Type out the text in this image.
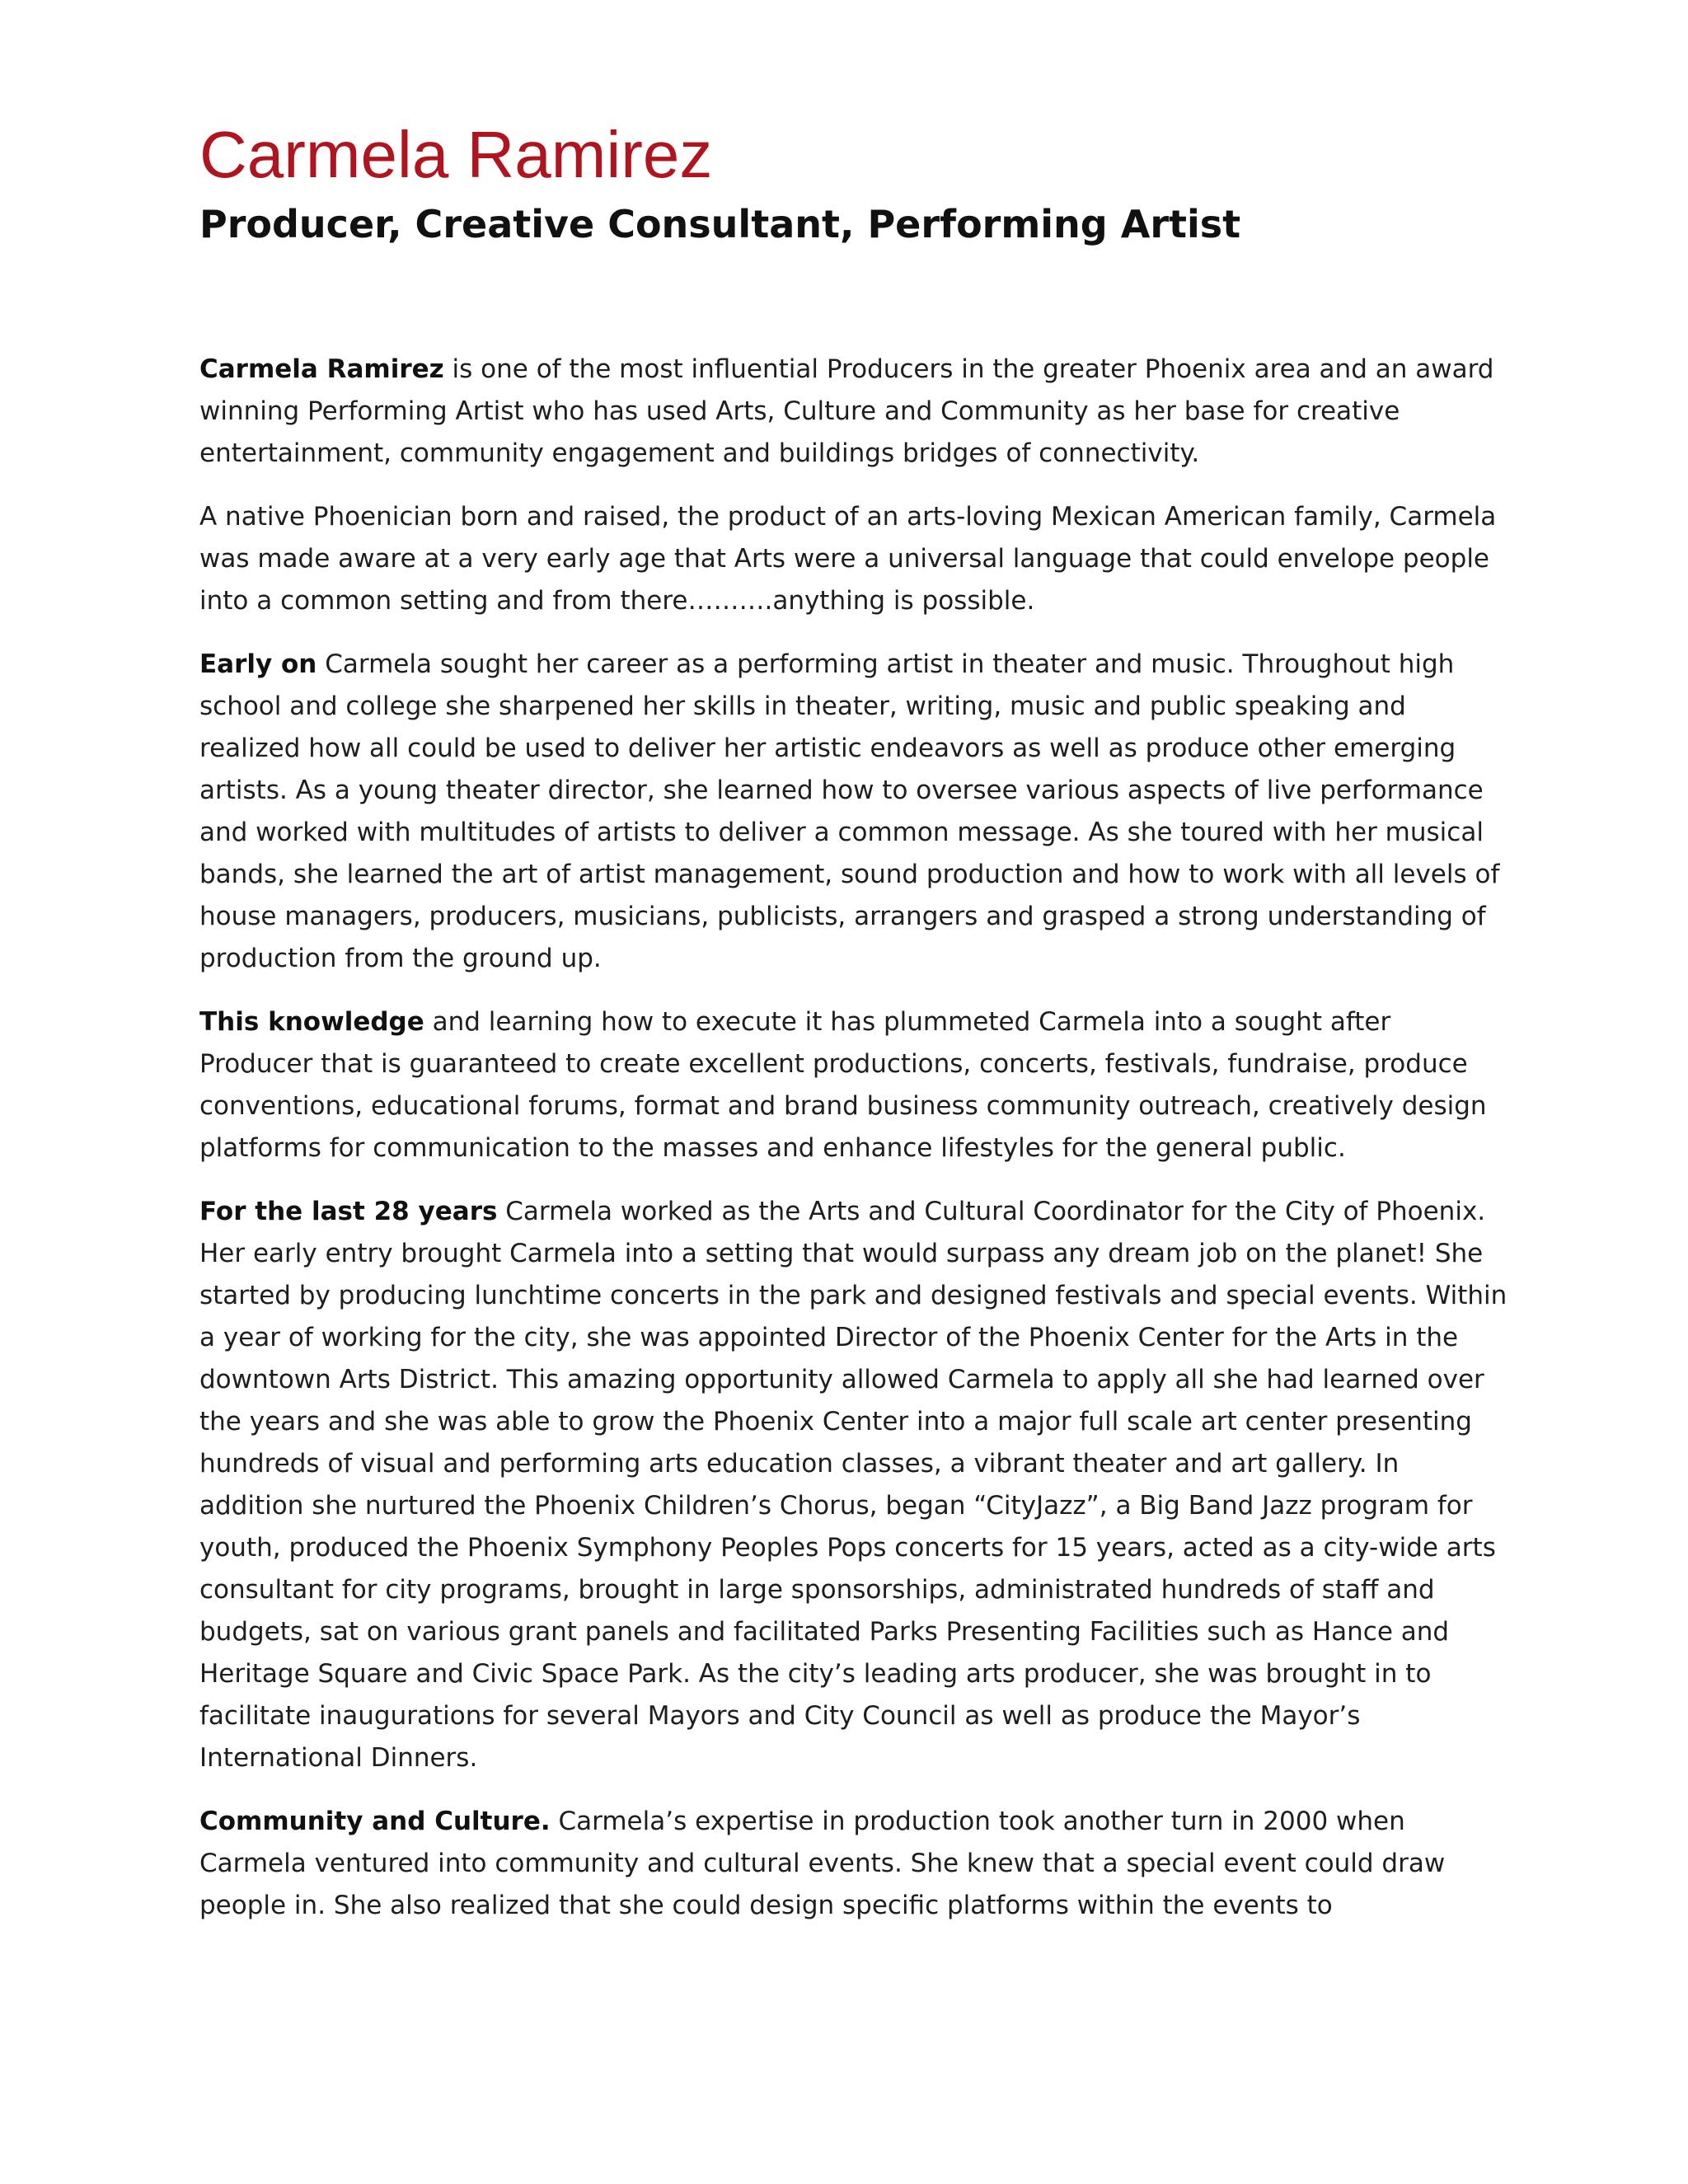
Carmela Ramirez
Producer, Creative Consultant, Performing Artist

Carmela Ramirez is one of the most influential Producers in the greater Phoenix area and an award winning Performing Artist who has used Arts, Culture and Community as her base for creative entertainment, community engagement and buildings bridges of connectivity.

A native Phoenician born and raised, the product of an arts-loving Mexican American family, Carmela was made aware at a very early age that Arts were a universal language that could envelope people into a common setting and from there……….anything is possible.

Early on Carmela sought her career as a performing artist in theater and music. Throughout high school and college she sharpened her skills in theater, writing, music and public speaking and realized how all could be used to deliver her artistic endeavors as well as produce other emerging artists. As a young theater director, she learned how to oversee various aspects of live performance and worked with multitudes of artists to deliver a common message. As she toured with her musical bands, she learned the art of artist management, sound production and how to work with all levels of house managers, producers, musicians, publicists, arrangers and grasped a strong understanding of production from the ground up.

This knowledge and learning how to execute it has plummeted Carmela into a sought after Producer that is guaranteed to create excellent productions, concerts, festivals, fundraise, produce conventions, educational forums, format and brand business community outreach, creatively design platforms for communication to the masses and enhance lifestyles for the general public.

For the last 28 years Carmela worked as the Arts and Cultural Coordinator for the City of Phoenix. Her early entry brought Carmela into a setting that would surpass any dream job on the planet! She started by producing lunchtime concerts in the park and designed festivals and special events. Within a year of working for the city, she was appointed Director of the Phoenix Center for the Arts in the downtown Arts District. This amazing opportunity allowed Carmela to apply all she had learned over the years and she was able to grow the Phoenix Center into a major full scale art center presenting hundreds of visual and performing arts education classes, a vibrant theater and art gallery. In addition she nurtured the Phoenix Children’s Chorus, began “CityJazz”, a Big Band Jazz program for youth, produced the Phoenix Symphony Peoples Pops concerts for 15 years, acted as a city-wide arts consultant for city programs, brought in large sponsorships, administrated hundreds of staff and budgets, sat on various grant panels and facilitated Parks Presenting Facilities such as Hance and Heritage Square and Civic Space Park. As the city’s leading arts producer, she was brought in to facilitate inaugurations for several Mayors and City Council as well as produce the Mayor’s International Dinners.

Community and Culture. Carmela’s expertise in production took another turn in 2000 when Carmela ventured into community and cultural events. She knew that a special event could draw people in. She also realized that she could design specific platforms within the events to
